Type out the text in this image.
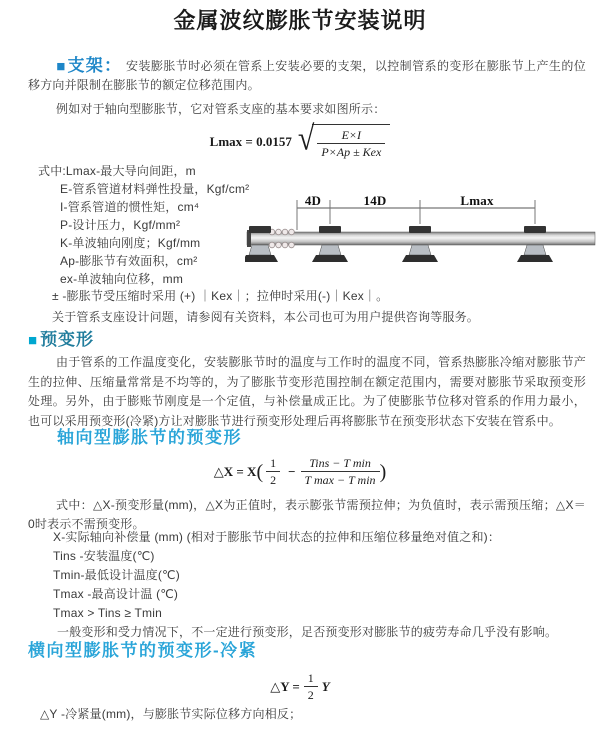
金属波纹膨胀节安装说明
■支架： 安装膨胀节时必须在管系上安装必要的支架，以控制管系的变形在膨胀节上产生的位移方向并限制在膨胀节的额定位移范围内。
例如对于轴向型膨胀节，它对管系支座的基本要求如图所示：
Lmax = 0.0157 √ $\frac{E\times I}{\text{P×Ap ± Kex}}$
式中:Lmax-最大导向间距，m
E-管系管道材料弹性投量，Kgf/cm²
I-管系管道的惯性矩，cm⁴
P-设计压力，Kgf/mm²
K-单波轴向刚度；Kgf/mm
Ap-膨胀节有效面积，cm²
ex-单波轴向位移，mm
4D	14D	Lmax
± -膨胀节受压缩时采用 (+) ｜Kex｜；拉伸时采用(-)｜Kex｜。
关于管系支座设计问题，请参阅有关资料，本公司也可为用户提供咨询等服务。
■ 预变形
由于管系的工作温度变化，安装膨胀节时的温度与工作时的温度不同，管系热膨胀冷缩对膨胀节产生的拉伸、压缩量常常是不均等的，为了膨胀节变形范围控制在额定范围内，需要对膨胀节采取预变形处理。另外，由于膨账节刚度是一个定值，与补偿量成正比。为了使膨胀节位移对管系的作用力最小，也可以采用预变形(冷紧)方让对膨胀节进行预变形处理后再将膨胀节在预变形状态下安装在管系中。
轴向型膨胀节的预变形
△X = X ( $\frac{1}{2} - \frac{\text{Tins − T min}}{\text{T max − T min}}$ )
式中：△X-预变形量(mm)，△X为正值时，表示膨张节需预拉伸；为负值时，表示需预压缩；△X＝0时表示不需预变形。
X-实际轴向补偿量 (mm) (相对于膨胀节中间状态的拉伸和压缩位移量绝对值之和)：
Tins -安装温度(℃)
Tmin-最低设计温度(℃)
Tmax -最高设计温 (℃)
Tmax > Tins ≥ Tmin
一般变形和受力情况下，不一定进行预变形，足否预变形对膨胀节的疲劳寿命几乎没有影响。
横向型膨胀节的预变形-冷紧
△Y = $\frac{1}{2}$ Y
△Y -冷紧量(mm)，与膨胀节实际位移方向相反；
